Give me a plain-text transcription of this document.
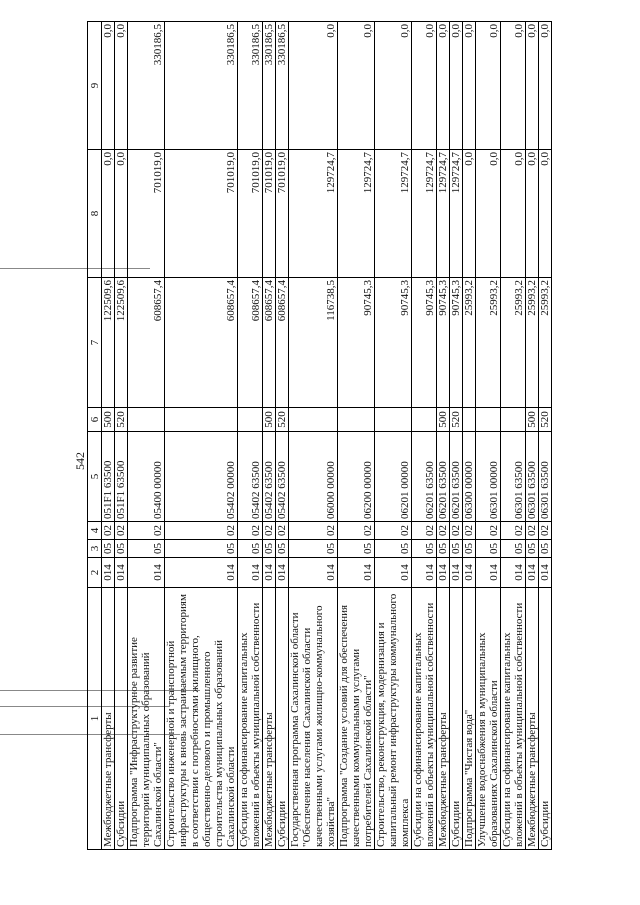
542
1	2	3	4	5	6	7	8	9
Межбюджетные трансферты	014	05	02	051F1 63500	500	122509,6	0,0	0,0
Субсидии	014	05	02	051F1 63500	520	122509,6	0,0	0,0
Подпрограмма "Инфраструктурное развитие территорий муниципальных образований Сахалинской области"	014	05	02	05400 00000		608657,4	701019,0	330186,5
Строительство инженерной и транспортной инфраструктуры к вновь застраиваемым территориям в соответствии с потребностями жилищного, общественно-делового и промышленного строительства муниципальных образований Сахалинской области	014	05	02	05402 00000		608657,4	701019,0	330186,5
Субсидии на софинансирование капитальных вложений в объекты муниципальной собственности	014	05	02	05402 63500		608657,4	701019,0	330186,5
Межбюджетные трансферты	014	05	02	05402 63500	500	608657,4	701019,0	330186,5
Субсидии	014	05	02	05402 63500	520	608657,4	701019,0	330186,5
Государственная программа Сахалинской области "Обеспечение населения Сахалинской области качественными услугами жилищно-коммунального хозяйства"	014	05	02	06000 00000		116738,5	129724,7	0,0
Подпрограмма "Создание условий для обеспечения качественными коммунальными услугами потребителей Сахалинской области"	014	05	02	06200 00000		90745,3	129724,7	0,0
Строительство, реконструкция, модернизация и капитальный ремонт инфраструктуры коммунального комплекса	014	05	02	06201 00000		90745,3	129724,7	0,0
Субсидии на софинансирование капитальных вложений в объекты муниципальной собственности	014	05	02	06201 63500		90745,3	129724,7	0,0
Межбюджетные трансферты	014	05	02	06201 63500	500	90745,3	129724,7	0,0
Субсидии	014	05	02	06201 63500	520	90745,3	129724,7	0,0
Подпрограмма "Чистая вода"	014	05	02	06300 00000		25993,2	0,0	0,0
Улучшение водоснабжения в муниципальных образованиях Сахалинской области	014	05	02	06301 00000		25993,2	0,0	0,0
Субсидии на софинансирование капитальных вложений в объекты муниципальной собственности	014	05	02	06301 63500		25993,2	0,0	0,0
Межбюджетные трансферты	014	05	02	06301 63500	500	25993,2	0,0	0,0
Субсидии	014	05	02	06301 63500	520	25993,2	0,0	0,0
